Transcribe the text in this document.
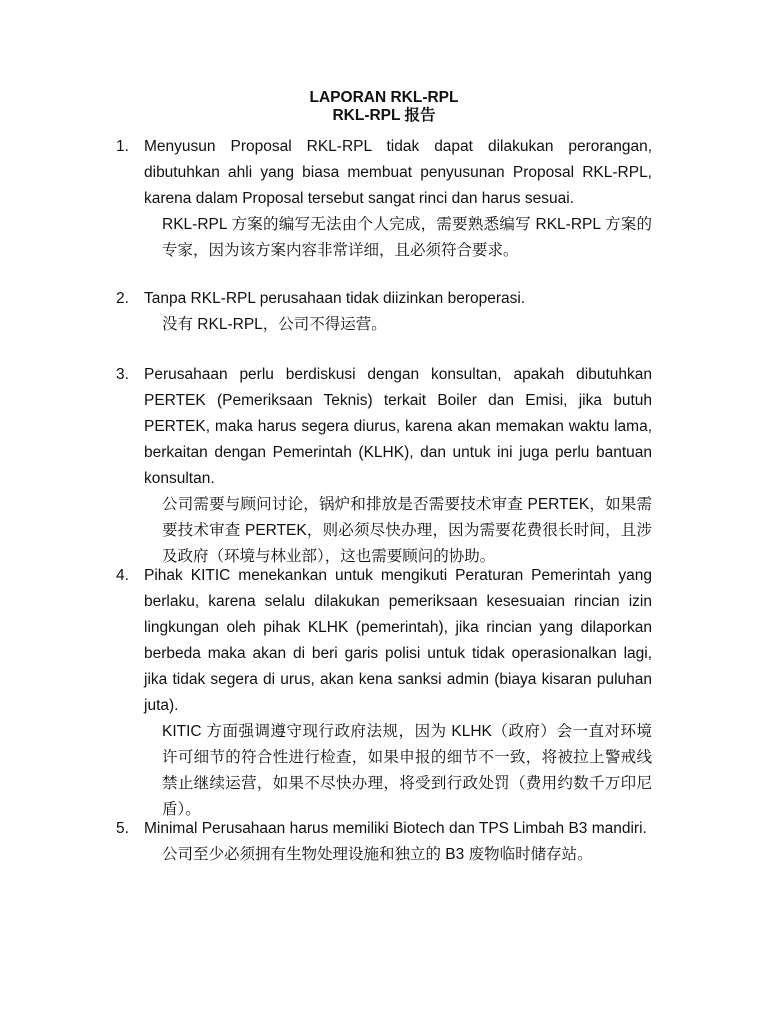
LAPORAN RKL-RPL
RKL-RPL 报告
1. Menyusun Proposal RKL-RPL tidak dapat dilakukan perorangan, dibutuhkan ahli yang biasa membuat penyusunan Proposal RKL-RPL, karena dalam Proposal tersebut sangat rinci dan harus sesuai.
RKL-RPL 方案的编写无法由个人完成，需要熟悉编写 RKL-RPL 方案的专家，因为该方案内容非常详细，且必须符合要求。
2. Tanpa RKL-RPL perusahaan tidak diizinkan beroperasi.
没有 RKL-RPL，公司不得运营。
3. Perusahaan perlu berdiskusi dengan konsultan, apakah dibutuhkan PERTEK (Pemeriksaan Teknis) terkait Boiler dan Emisi, jika butuh PERTEK, maka harus segera diurus, karena akan memakan waktu lama, berkaitan dengan Pemerintah (KLHK), dan untuk ini juga perlu bantuan konsultan.
公司需要与顾问讨论，锅炉和排放是否需要技术审查 PERTEK，如果需要技术审查 PERTEK，则必须尽快办理，因为需要花费很长时间，且涉及政府（环境与林业部），这也需要顾问的协助。
4. Pihak KITIC menekankan untuk mengikuti Peraturan Pemerintah yang berlaku, karena selalu dilakukan pemeriksaan kesesuaian rincian izin lingkungan oleh pihak KLHK (pemerintah), jika rincian yang dilaporkan berbeda maka akan di beri garis polisi untuk tidak operasionalkan lagi, jika tidak segera di urus, akan kena sanksi admin (biaya kisaran puluhan juta).
KITIC 方面强调遵守现行政府法规，因为 KLHK（政府）会一直对环境许可细节的符合性进行检查，如果申报的细节不一致，将被拉上警戒线禁止继续运营，如果不尽快办理，将受到行政处罚（费用约数千万印尼盾）。
5. Minimal Perusahaan harus memiliki Biotech dan TPS Limbah B3 mandiri.
公司至少必须拥有生物处理设施和独立的 B3 废物临时储存站。
